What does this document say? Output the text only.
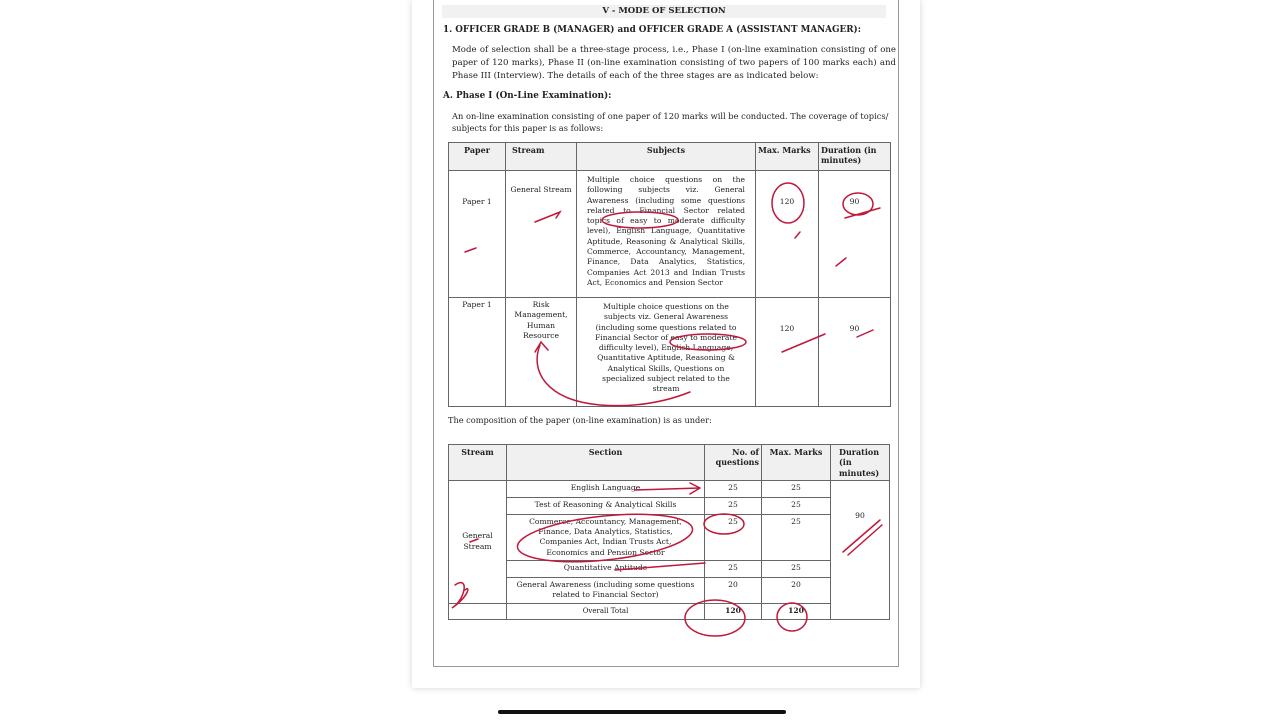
V - MODE OF SELECTION
1. OFFICER GRADE B (MANAGER) and OFFICER GRADE A (ASSISTANT MANAGER):
Mode of selection shall be a three-stage process, i.e., Phase I (on-line examination consisting of one paper of 120 marks), Phase II (on-line examination consisting of two papers of 100 marks each) and Phase III (Interview). The details of each of the three stages are as indicated below:
A. Phase I (On-Line Examination):
An on-line examination consisting of one paper of 120 marks will be conducted. The coverage of topics/ subjects for this paper is as follows:
Paper	Stream	Subjects	Max. Marks	Duration (in minutes)
Paper 1	General Stream	Multiple choice questions on the following subjects viz. General Awareness (including some questions related to Financial Sector related topics of easy to moderate difficulty level), English Language, Quantitative Aptitude, Reasoning & Analytical Skills, Commerce, Accountancy, Management, Finance, Data Analytics, Statistics, Companies Act 2013 and Indian Trusts Act, Economics and Pension Sector	120	90
Paper 1	Risk Management, Human Resource	Multiple choice questions on the subjects viz. General Awareness (including some questions related to Financial Sector of easy to moderate difficulty level), English Language, Quantitative Aptitude, Reasoning & Analytical Skills, Questions on specialized subject related to the stream	120	90
The composition of the paper (on-line examination) is as under:
Stream	Section	No. of questions	Max. Marks	Duration (in minutes)
General Stream	English Language	25	25	90
	Test of Reasoning & Analytical Skills	25	25	
	Commerce, Accountancy, Management, Finance, Data Analytics, Statistics, Companies Act, Indian Trusts Act, Economics and Pension Sector	25	25	
	Quantitative Aptitude	25	25	
	General Awareness (including some questions related to Financial Sector)	20	20	
	Overall Total	120	120	
